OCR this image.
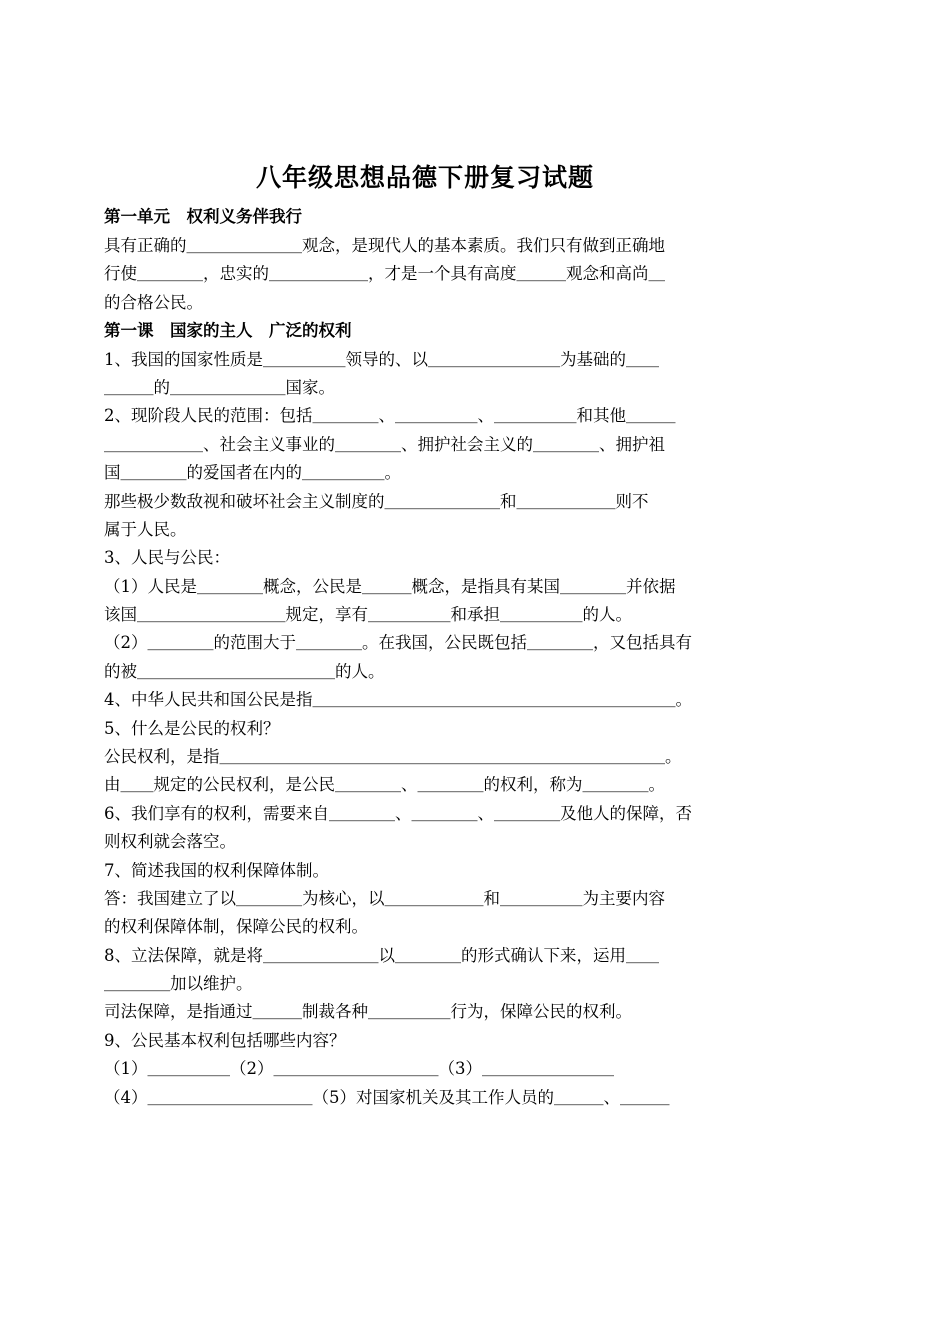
八年级思想品德下册复习试题
第一单元　权利义务伴我行
具有正确的＿＿＿＿＿＿＿观念，是现代人的基本素质。我们只有做到正确地
行使＿＿＿＿，忠实的＿＿＿＿＿＿，才是一个具有高度＿＿＿观念和高尚＿
的合格公民。
第一课　国家的主人　广泛的权利
1、我国的国家性质是＿＿＿＿＿领导的、以＿＿＿＿＿＿＿＿为基础的＿＿
＿＿＿的＿＿＿＿＿＿＿国家。
2、现阶段人民的范围：包括＿＿＿＿、＿＿＿＿＿、＿＿＿＿＿和其他＿＿＿
＿＿＿＿＿＿、社会主义事业的＿＿＿＿、拥护社会主义的＿＿＿＿、拥护祖
国＿＿＿＿的爱国者在内的＿＿＿＿＿。
那些极少数敌视和破坏社会主义制度的＿＿＿＿＿＿＿和＿＿＿＿＿＿则不
属于人民。
3、人民与公民：
（1）人民是＿＿＿＿概念，公民是＿＿＿概念，是指具有某国＿＿＿＿并依据
该国＿＿＿＿＿＿＿＿＿规定，享有＿＿＿＿＿和承担＿＿＿＿＿的人。
（2）＿＿＿＿的范围大于＿＿＿＿。在我国，公民既包括＿＿＿＿，又包括具有
的被＿＿＿＿＿＿＿＿＿＿＿＿的人。
4、中华人民共和国公民是指＿＿＿＿＿＿＿＿＿＿＿＿＿＿＿＿＿＿＿＿＿＿。
5、什么是公民的权利？
公民权利，是指＿＿＿＿＿＿＿＿＿＿＿＿＿＿＿＿＿＿＿＿＿＿＿＿＿＿＿。
由＿＿规定的公民权利，是公民＿＿＿＿、＿＿＿＿的权利，称为＿＿＿＿。
6、我们享有的权利，需要来自＿＿＿＿、＿＿＿＿、＿＿＿＿及他人的保障，否
则权利就会落空。
7、简述我国的权利保障体制。
答：我国建立了以＿＿＿＿为核心，以＿＿＿＿＿＿和＿＿＿＿＿为主要内容
的权利保障体制，保障公民的权利。
8、立法保障，就是将＿＿＿＿＿＿＿以＿＿＿＿的形式确认下来，运用＿＿
＿＿＿＿加以维护。
司法保障，是指通过＿＿＿制裁各种＿＿＿＿＿行为，保障公民的权利。
9、公民基本权利包括哪些内容？
（1）＿＿＿＿＿（2）＿＿＿＿＿＿＿＿＿＿（3）＿＿＿＿＿＿＿＿
（4）＿＿＿＿＿＿＿＿＿＿（5）对国家机关及其工作人员的＿＿＿、＿＿＿
